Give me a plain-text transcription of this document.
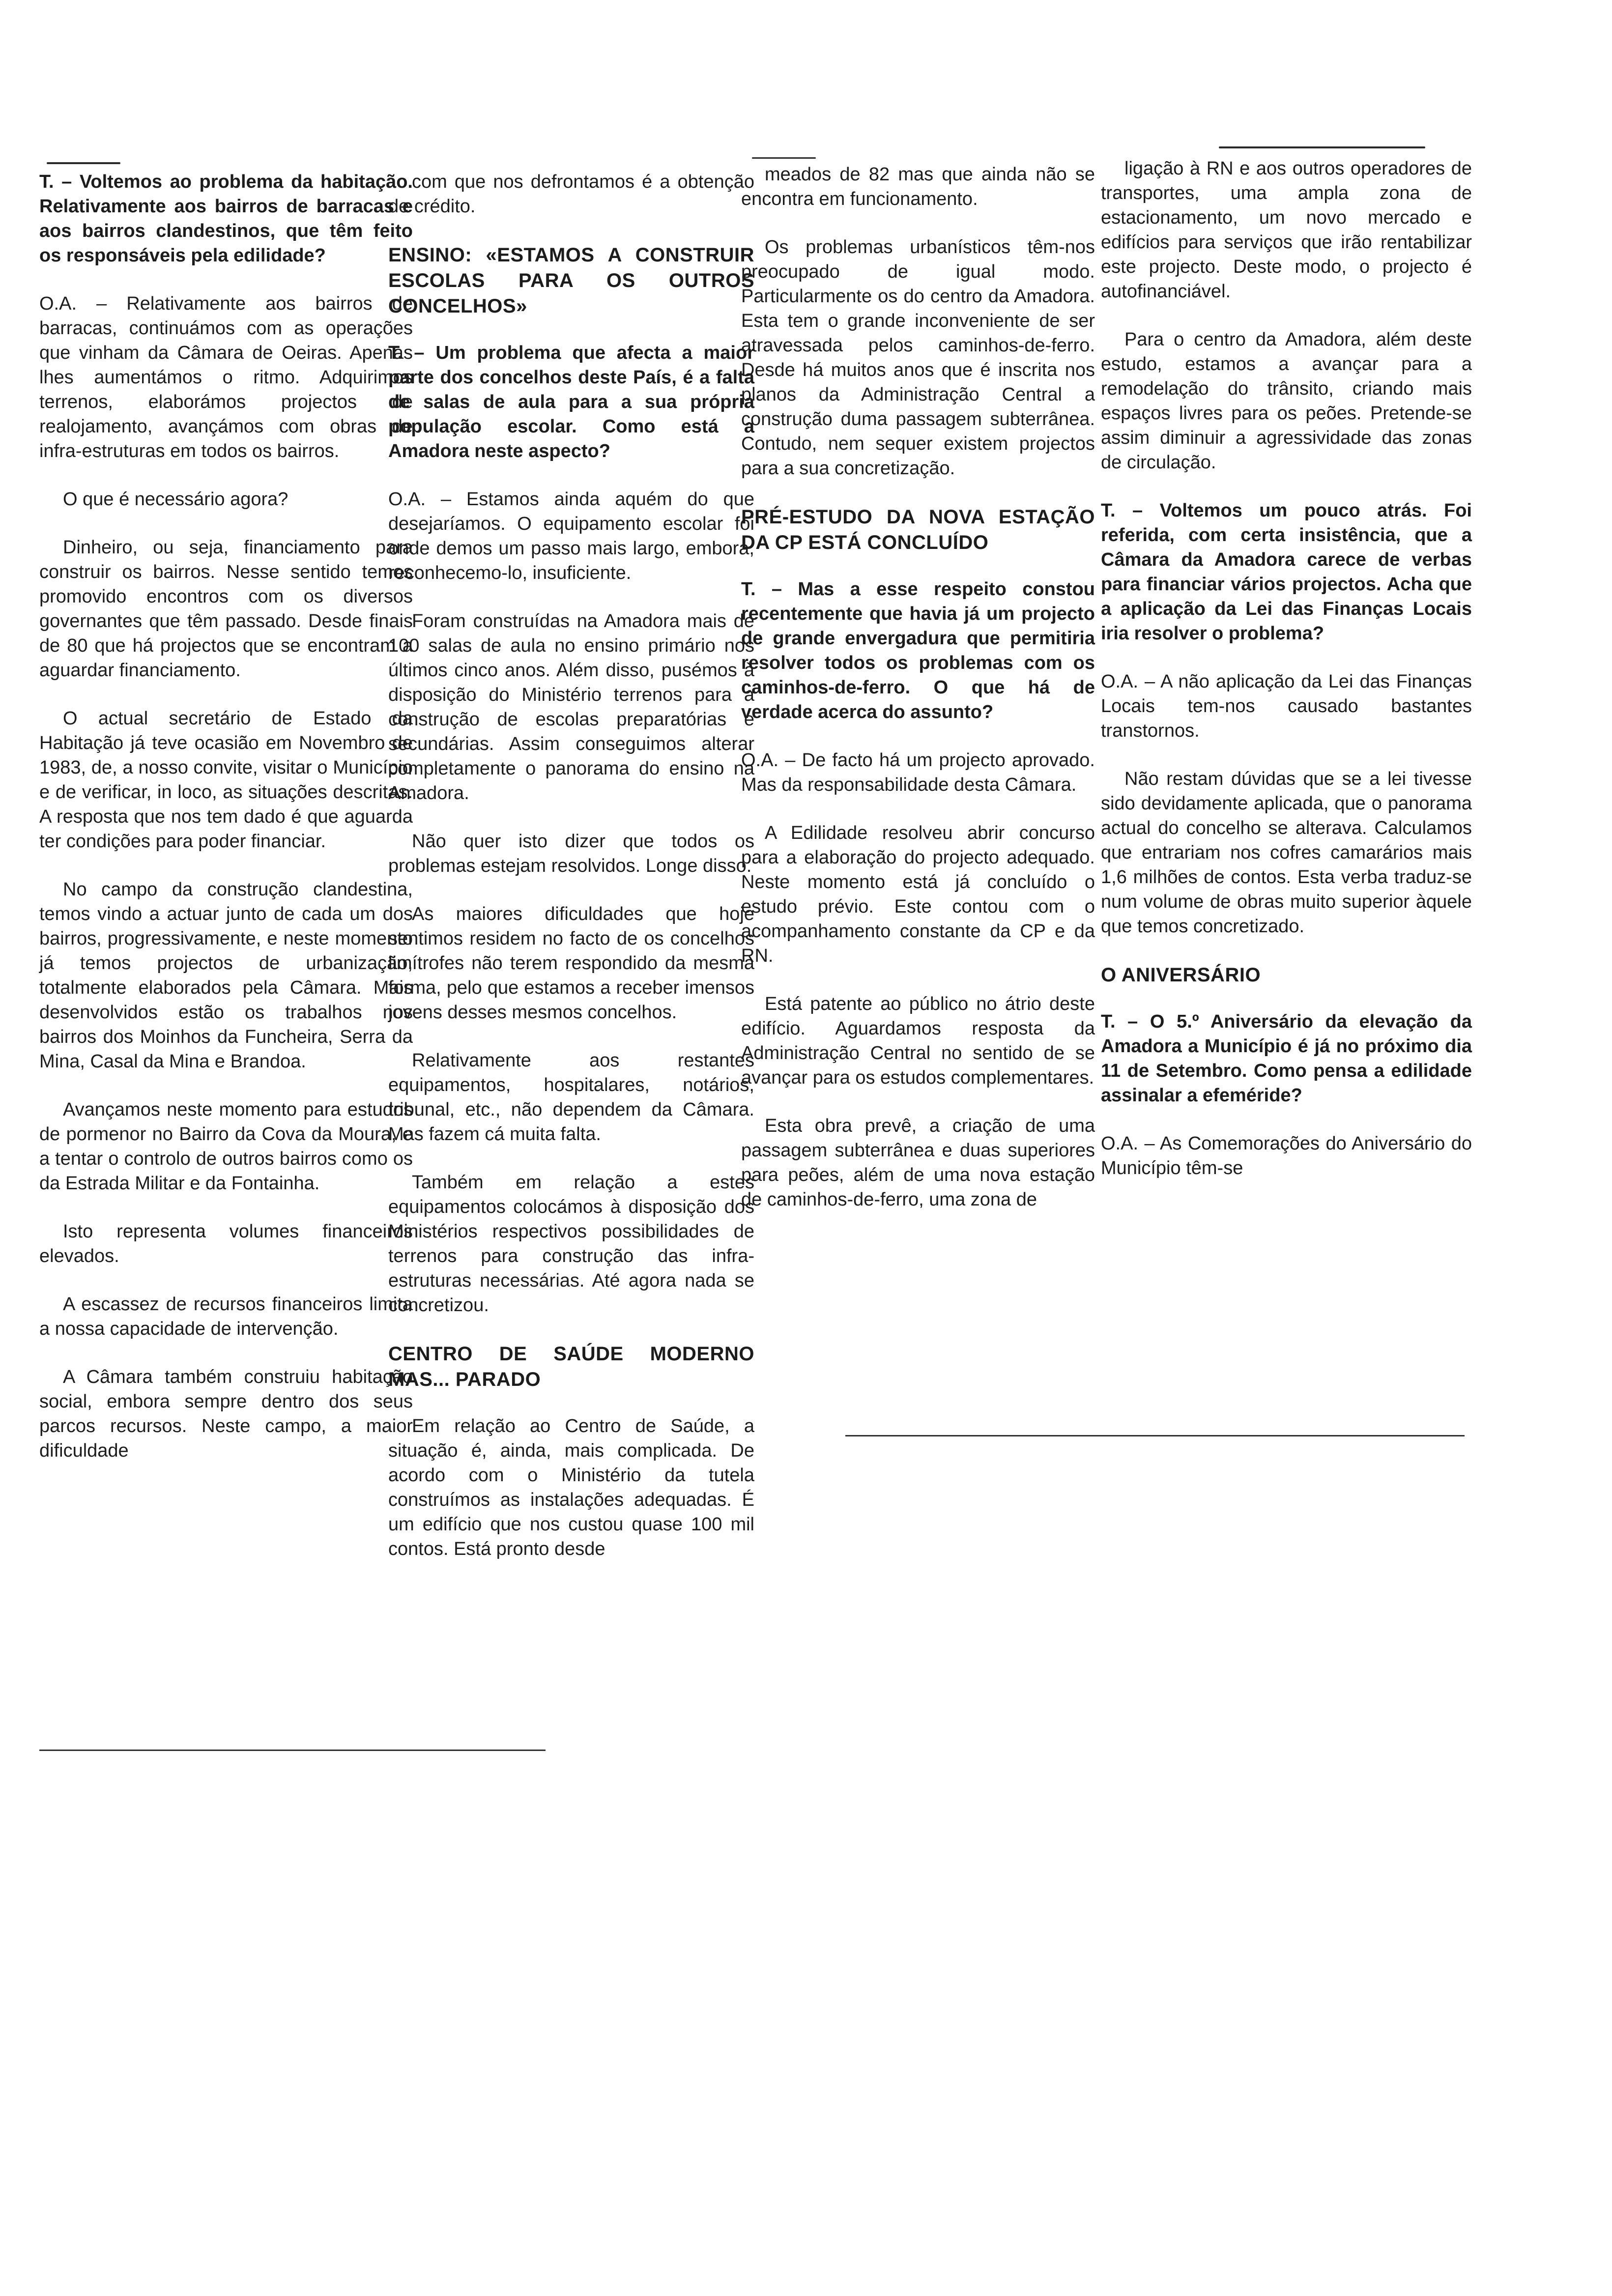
T. – Voltemos ao problema da habitação. Relativamente aos bairros de barracas e aos bairros clandestinos, que têm feito os responsáveis pela edilidade?

O.A. – Relativamente aos bairros de barracas, continuámos com as operações que vinham da Câmara de Oeiras. Apenas lhes aumentámos o ritmo. Adquirimos terrenos, elaborámos projectos de realojamento, avançámos com obras de infra-estruturas em todos os bairros.

O que é necessário agora?

Dinheiro, ou seja, financiamento para construir os bairros. Nesse sentido temos promovido encontros com os diversos governantes que têm passado. Desde finais de 80 que há projectos que se encontram a aguardar financiamento.

O actual secretário de Estado da Habitação já teve ocasião em Novembro de 1983, de, a nosso convite, visitar o Município e de verificar, in loco, as situações descritas. A resposta que nos tem dado é que aguarda ter condições para poder financiar.

No campo da construção clandestina, temos vindo a actuar junto de cada um dos bairros, progressivamente, e neste momento já temos projectos de urbanização, totalmente elaborados pela Câmara. Mais desenvolvidos estão os trabalhos nos bairros dos Moinhos da Funcheira, Serra da Mina, Casal da Mina e Brandoa.

Avançamos neste momento para estudos de pormenor no Bairro da Cova da Moura, e a tentar o controlo de outros bairros como os da Estrada Militar e da Fontainha.

Isto representa volumes financeiros elevados.

A escassez de recursos financeiros limita a nossa capacidade de intervenção.

A Câmara também construiu habitação social, embora sempre dentro dos seus parcos recursos. Neste campo, a maior dificuldade

com que nos defrontamos é a obtenção de crédito.

ENSINO: «ESTAMOS A CONSTRUIR ESCOLAS PARA OS OUTROS CONCELHOS»

T. – Um problema que afecta a maior parte dos concelhos deste País, é a falta de salas de aula para a sua própria população escolar. Como está a Amadora neste aspecto?

O.A. – Estamos ainda aquém do que desejaríamos. O equipamento escolar foi onde demos um passo mais largo, embora, reconhecemo-lo, insuficiente.

Foram construídas na Amadora mais de 100 salas de aula no ensino primário nos últimos cinco anos. Além disso, pusémos à disposição do Ministério terrenos para a construção de escolas preparatórias e secundárias. Assim conseguimos alterar completamente o panorama do ensino na Amadora.

Não quer isto dizer que todos os problemas estejam resolvidos. Longe disso.

As maiores dificuldades que hoje sentimos residem no facto de os concelhos limítrofes não terem respondido da mesma forma, pelo que estamos a receber imensos jovens desses mesmos concelhos.

Relativamente aos restantes equipamentos, hospitalares, notários, tribunal, etc., não dependem da Câmara. Mas fazem cá muita falta.

Também em relação a estes equipamentos colocámos à disposição dos Ministérios respectivos possibilidades de terrenos para construção das infra-estruturas necessárias. Até agora nada se concretizou.

CENTRO DE SAÚDE MODERNO MAS... PARADO

Em relação ao Centro de Saúde, a situação é, ainda, mais complicada. De acordo com o Ministério da tutela construímos as instalações adequadas. É um edifício que nos custou quase 100 mil contos. Está pronto desde

meados de 82 mas que ainda não se encontra em funcionamento.

Os problemas urbanísticos têm-nos preocupado de igual modo. Particularmente os do centro da Amadora. Esta tem o grande inconveniente de ser atravessada pelos caminhos-de-ferro. Desde há muitos anos que é inscrita nos planos da Administração Central a construção duma passagem subterrânea. Contudo, nem sequer existem projectos para a sua concretização.

PRÉ-ESTUDO DA NOVA ESTAÇÃO DA CP ESTÁ CONCLUÍDO

T. – Mas a esse respeito constou recentemente que havia já um projecto de grande envergadura que permitiria resolver todos os problemas com os caminhos-de-ferro. O que há de verdade acerca do assunto?

O.A. – De facto há um projecto aprovado. Mas da responsabilidade desta Câmara.

A Edilidade resolveu abrir concurso para a elaboração do projecto adequado. Neste momento está já concluído o estudo prévio. Este contou com o acompanhamento constante da CP e da RN.

Está patente ao público no átrio deste edifício. Aguardamos resposta da Administração Central no sentido de se avançar para os estudos complementares.

Esta obra prevê, a criação de uma passagem subterrânea e duas superiores para peões, além de uma nova estação de caminhos-de-ferro, uma zona de

ligação à RN e aos outros operadores de transportes, uma ampla zona de estacionamento, um novo mercado e edifícios para serviços que irão rentabilizar este projecto. Deste modo, o projecto é autofinanciável.

Para o centro da Amadora, além deste estudo, estamos a avançar para a remodelação do trânsito, criando mais espaços livres para os peões. Pretende-se assim diminuir a agressividade das zonas de circulação.

T. – Voltemos um pouco atrás. Foi referida, com certa insistência, que a Câmara da Amadora carece de verbas para financiar vários projectos. Acha que a aplicação da Lei das Finanças Locais iria resolver o problema?

O.A. – A não aplicação da Lei das Finanças Locais tem-nos causado bastantes transtornos.

Não restam dúvidas que se a lei tivesse sido devidamente aplicada, que o panorama actual do concelho se alterava. Calculamos que entrariam nos cofres camarários mais 1,6 milhões de contos. Esta verba traduz-se num volume de obras muito superior àquele que temos concretizado.

O ANIVERSÁRIO

T. – O 5.º Aniversário da elevação da Amadora a Município é já no próximo dia 11 de Setembro. Como pensa a edilidade assinalar a efeméride?

O.A. – As Comemorações do Aniversário do Município têm-se
